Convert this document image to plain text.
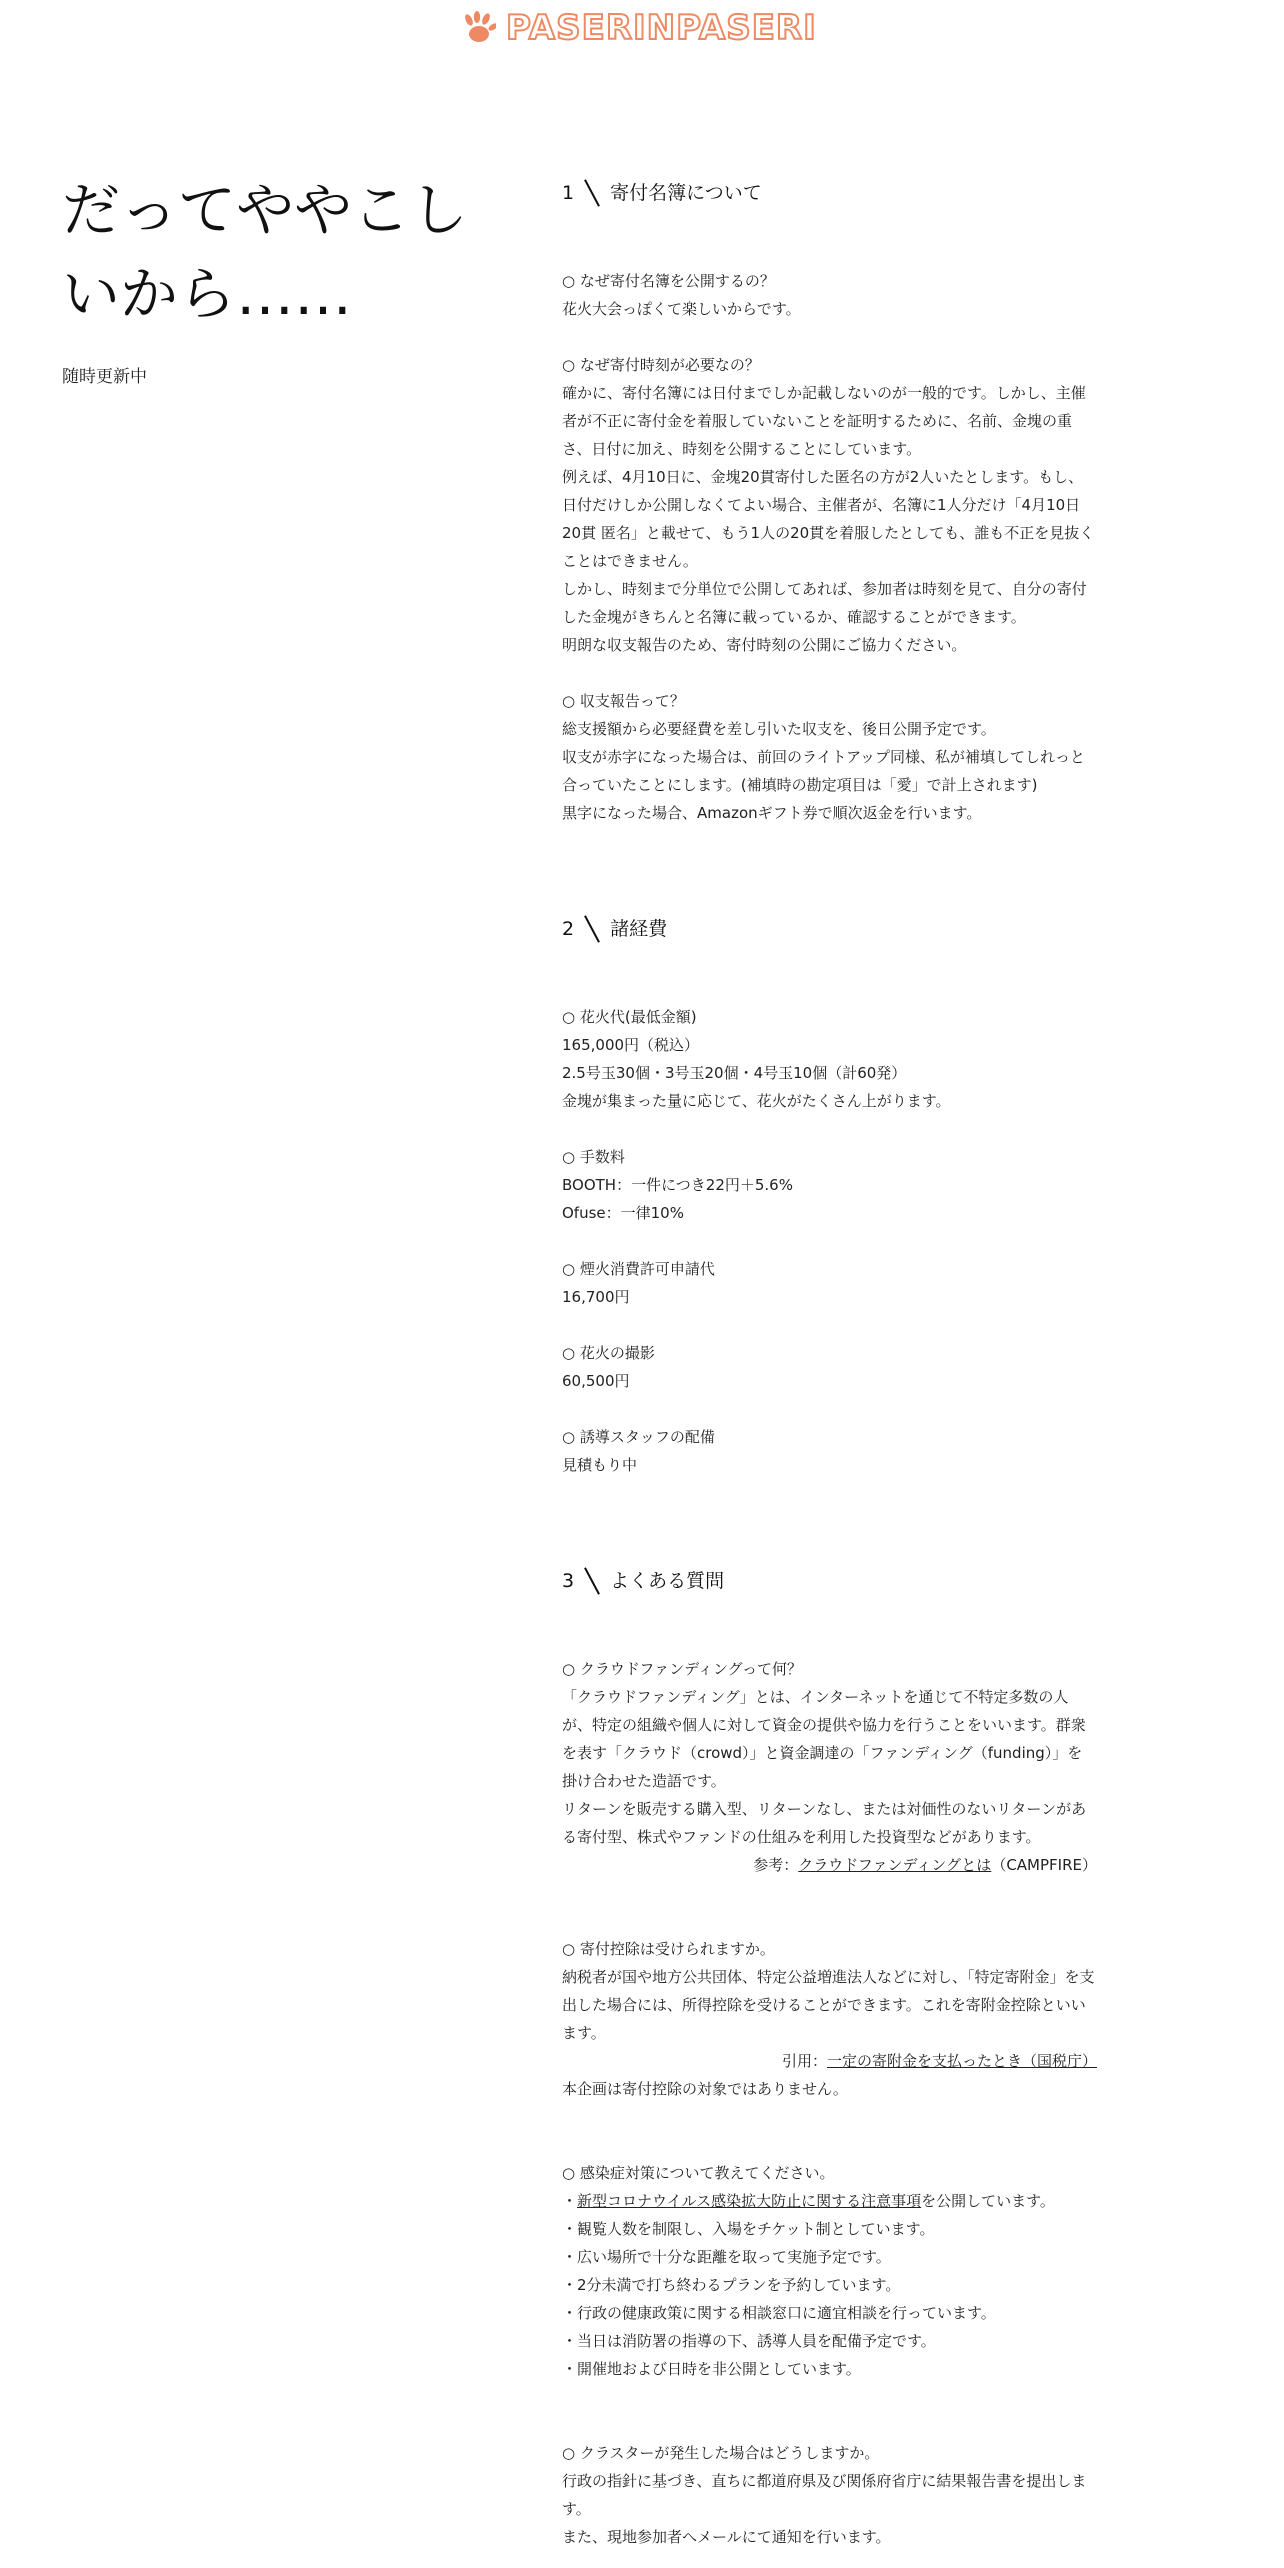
PASERINPASERI
だってややこしいから……
随時更新中
1 寄付名簿について

○ なぜ寄付名簿を公開するの？

花火大会っぽくて楽しいからです。

○ なぜ寄付時刻が必要なの？

確かに、寄付名簿には日付までしか記載しないのが一般的です。しかし、主催者が不正に寄付金を着服していないことを証明するために、名前、金塊の重さ、日付に加え、時刻を公開することにしています。

例えば、4月10日に、金塊20貫寄付した匿名の方が2人いたとします。もし、日付だけしか公開しなくてよい場合、主催者が、名簿に1人分だけ「4月10日 20貫 匿名」と載せて、もう1人の20貫を着服したとしても、誰も不正を見抜くことはできません。

しかし、時刻まで分単位で公開してあれば、参加者は時刻を見て、自分の寄付した金塊がきちんと名簿に載っているか、確認することができます。

明朗な収支報告のため、寄付時刻の公開にご協力ください。

○ 収支報告って？

総支援額から必要経費を差し引いた収支を、後日公開予定です。

収支が赤字になった場合は、前回のライトアップ同様、私が補填してしれっと合っていたことにします。(補填時の勘定項目は「愛」で計上されます)

黒字になった場合、Amazonギフト券で順次返金を行います。

2 諸経費

○ 花火代(最低金額)

165,000円（税込）

2.5号玉30個・3号玉20個・4号玉10個（計60発）

金塊が集まった量に応じて、花火がたくさん上がります。

○ 手数料

BOOTH：一件につき22円＋5.6%

Ofuse：一律10%

○ 煙火消費許可申請代

16,700円

○ 花火の撮影

60,500円

○ 誘導スタッフの配備

見積もり中

3 よくある質問

○ クラウドファンディングって何？

「クラウドファンディング」とは、インターネットを通じて不特定多数の人が、特定の組織や個人に対して資金の提供や協力を行うことをいいます。群衆を表す「クラウド（crowd）」と資金調達の「ファンディング（funding）」を掛け合わせた造語です。

リターンを販売する購入型、リターンなし、または対価性のないリターンがある寄付型、株式やファンドの仕組みを利用した投資型などがあります。

参考：クラウドファンディングとは（CAMPFIRE）

○ 寄付控除は受けられますか。

納税者が国や地方公共団体、特定公益増進法人などに対し、「特定寄附金」を支出した場合には、所得控除を受けることができます。これを寄附金控除といいます。

引用：一定の寄附金を支払ったとき（国税庁）

本企画は寄付控除の対象ではありません。

○ 感染症対策について教えてください。

・新型コロナウイルス感染拡大防止に関する注意事項を公開しています。

・観覧人数を制限し、入場をチケット制としています。

・広い場所で十分な距離を取って実施予定です。

・2分未満で打ち終わるプランを予約しています。

・行政の健康政策に関する相談窓口に適宜相談を行っています。

・当日は消防署の指導の下、誘導人員を配備予定です。

・開催地および日時を非公開としています。

○ クラスターが発生した場合はどうしますか。

行政の指針に基づき、直ちに都道府県及び関係府省庁に結果報告書を提出します。

また、現地参加者へメールにて通知を行います。
